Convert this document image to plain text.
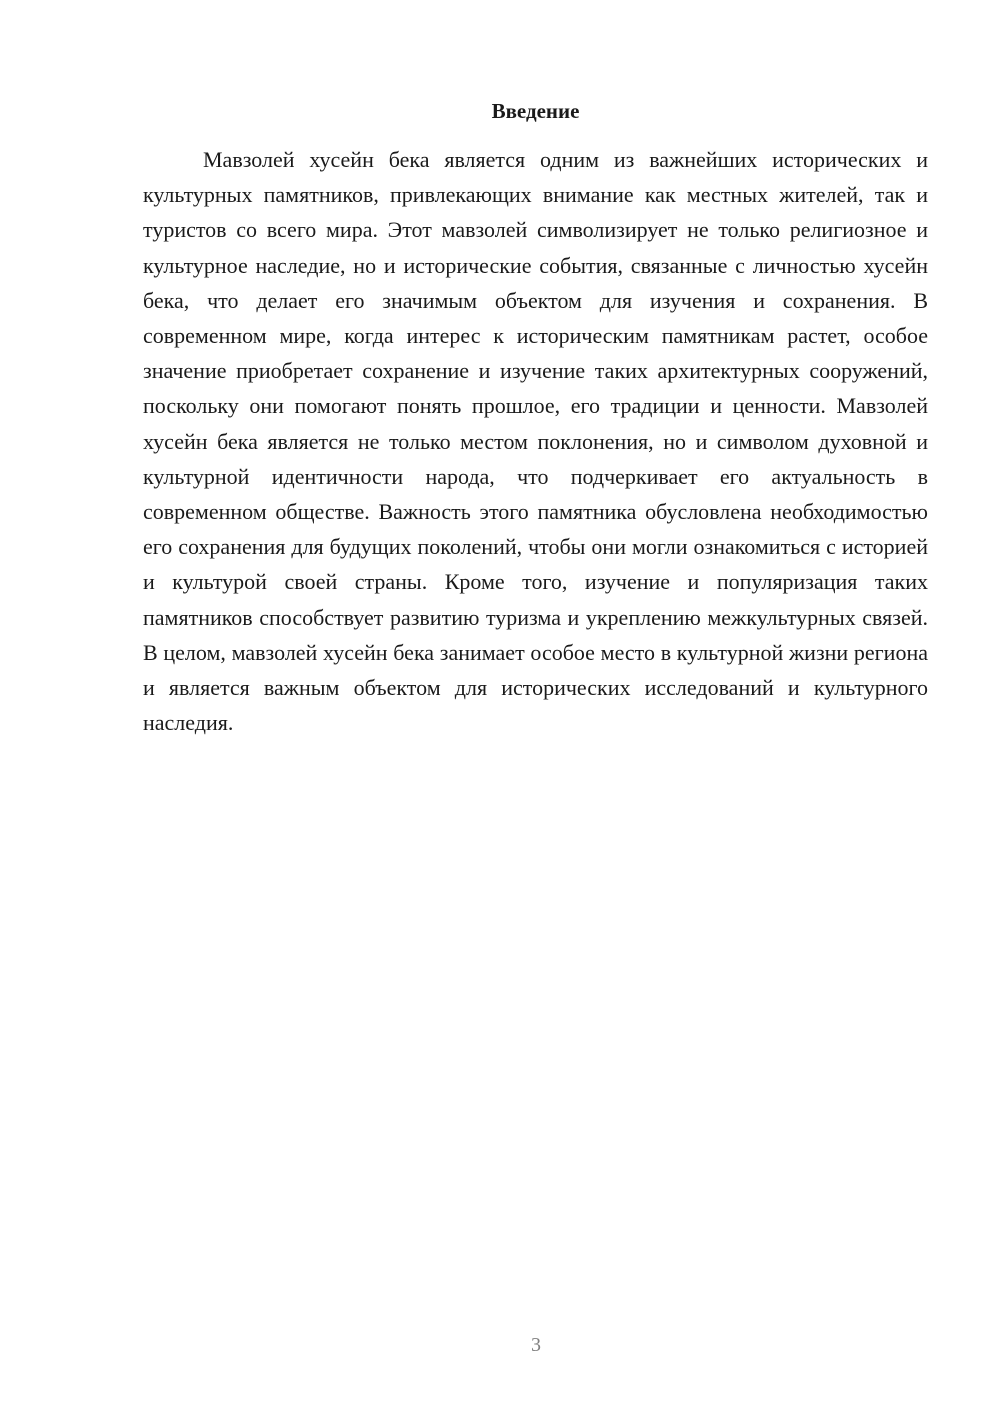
Введение

Мавзолей хусейн бека является одним из важнейших исторических и культурных памятников, привлекающих внимание как местных жителей, так и туристов со всего мира. Этот мавзолей символизирует не только религиозное и культурное наследие, но и исторические события, связанные с личностью хусейн бека, что делает его значимым объектом для изучения и сохранения. В современном мире, когда интерес к историческим памятникам растет, особое значение приобретает сохранение и изучение таких архитектурных сооружений, поскольку они помогают понять прошлое, его традиции и ценности. Мавзолей хусейн бека является не только местом поклонения, но и символом духовной и культурной идентичности народа, что подчеркивает его актуальность в современном обществе. Важность этого памятника обусловлена необходимостью его сохранения для будущих поколений, чтобы они могли ознакомиться с историей и культурой своей страны. Кроме того, изучение и популяризация таких памятников способствует развитию туризма и укреплению межкультурных связей. В целом, мавзолей хусейн бека занимает особое место в культурной жизни региона и является важным объектом для исторических исследований и культурного наследия.

3
